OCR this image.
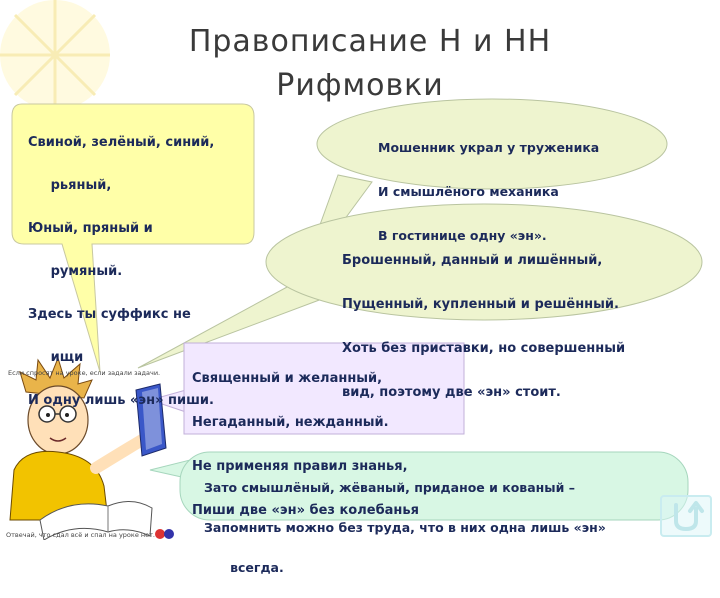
Правописание Н и НН
Рифмовки

Свиной, зелёный, синий,

рьяный,

Юный, пряный и

румяный.

Здесь ты суффикс не

ищи

И одну лишь «эн» пиши.

Мошенник украл у труженика

И смышлёного механика

В гостинице одну «эн».

Брошенный, данный и лишённый,

Пущенный, купленный и решённый.

Хоть без приставки, но совершенный

вид, поэтому две «эн» стоит.

Священный и желанный,

Негаданный, нежданный.

Не применяя правил знанья,

Пиши две «эн» без колебанья

Зато смышлёный, жёваный, приданое и кованый –

Запомнить можно без труда, что в них одна лишь «эн»

всегда.

Если спросят на уроке, если задали задачи.
Отвечай, что сдал всё и спал на уроке нет.
